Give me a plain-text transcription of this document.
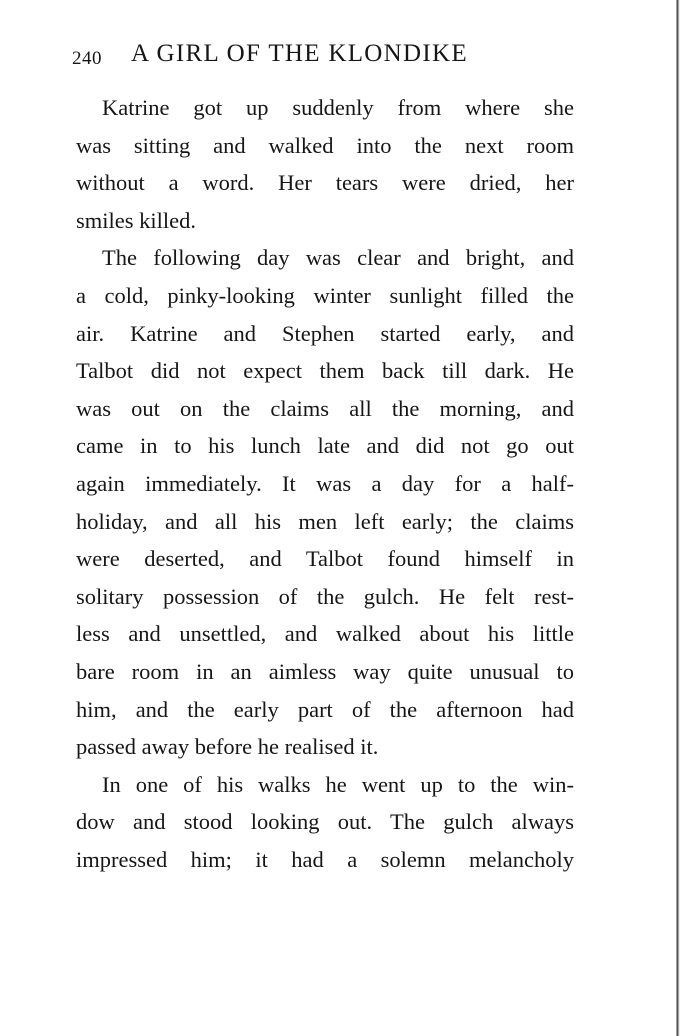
240 A GIRL OF THE KLONDIKE
Katrine got up suddenly from where she
was sitting and walked into the next room
without a word. Her tears were dried, her
smiles killed.
The following day was clear and bright, and
a cold, pinky-looking winter sunlight filled the
air. Katrine and Stephen started early, and
Talbot did not expect them back till dark. He
was out on the claims all the morning, and
came in to his lunch late and did not go out
again immediately. It was a day for a half-
holiday, and all his men left early; the claims
were deserted, and Talbot found himself in
solitary possession of the gulch. He felt rest-
less and unsettled, and walked about his little
bare room in an aimless way quite unusual to
him, and the early part of the afternoon had
passed away before he realised it.
In one of his walks he went up to the win-
dow and stood looking out. The gulch always
impressed him; it had a solemn melancholy
